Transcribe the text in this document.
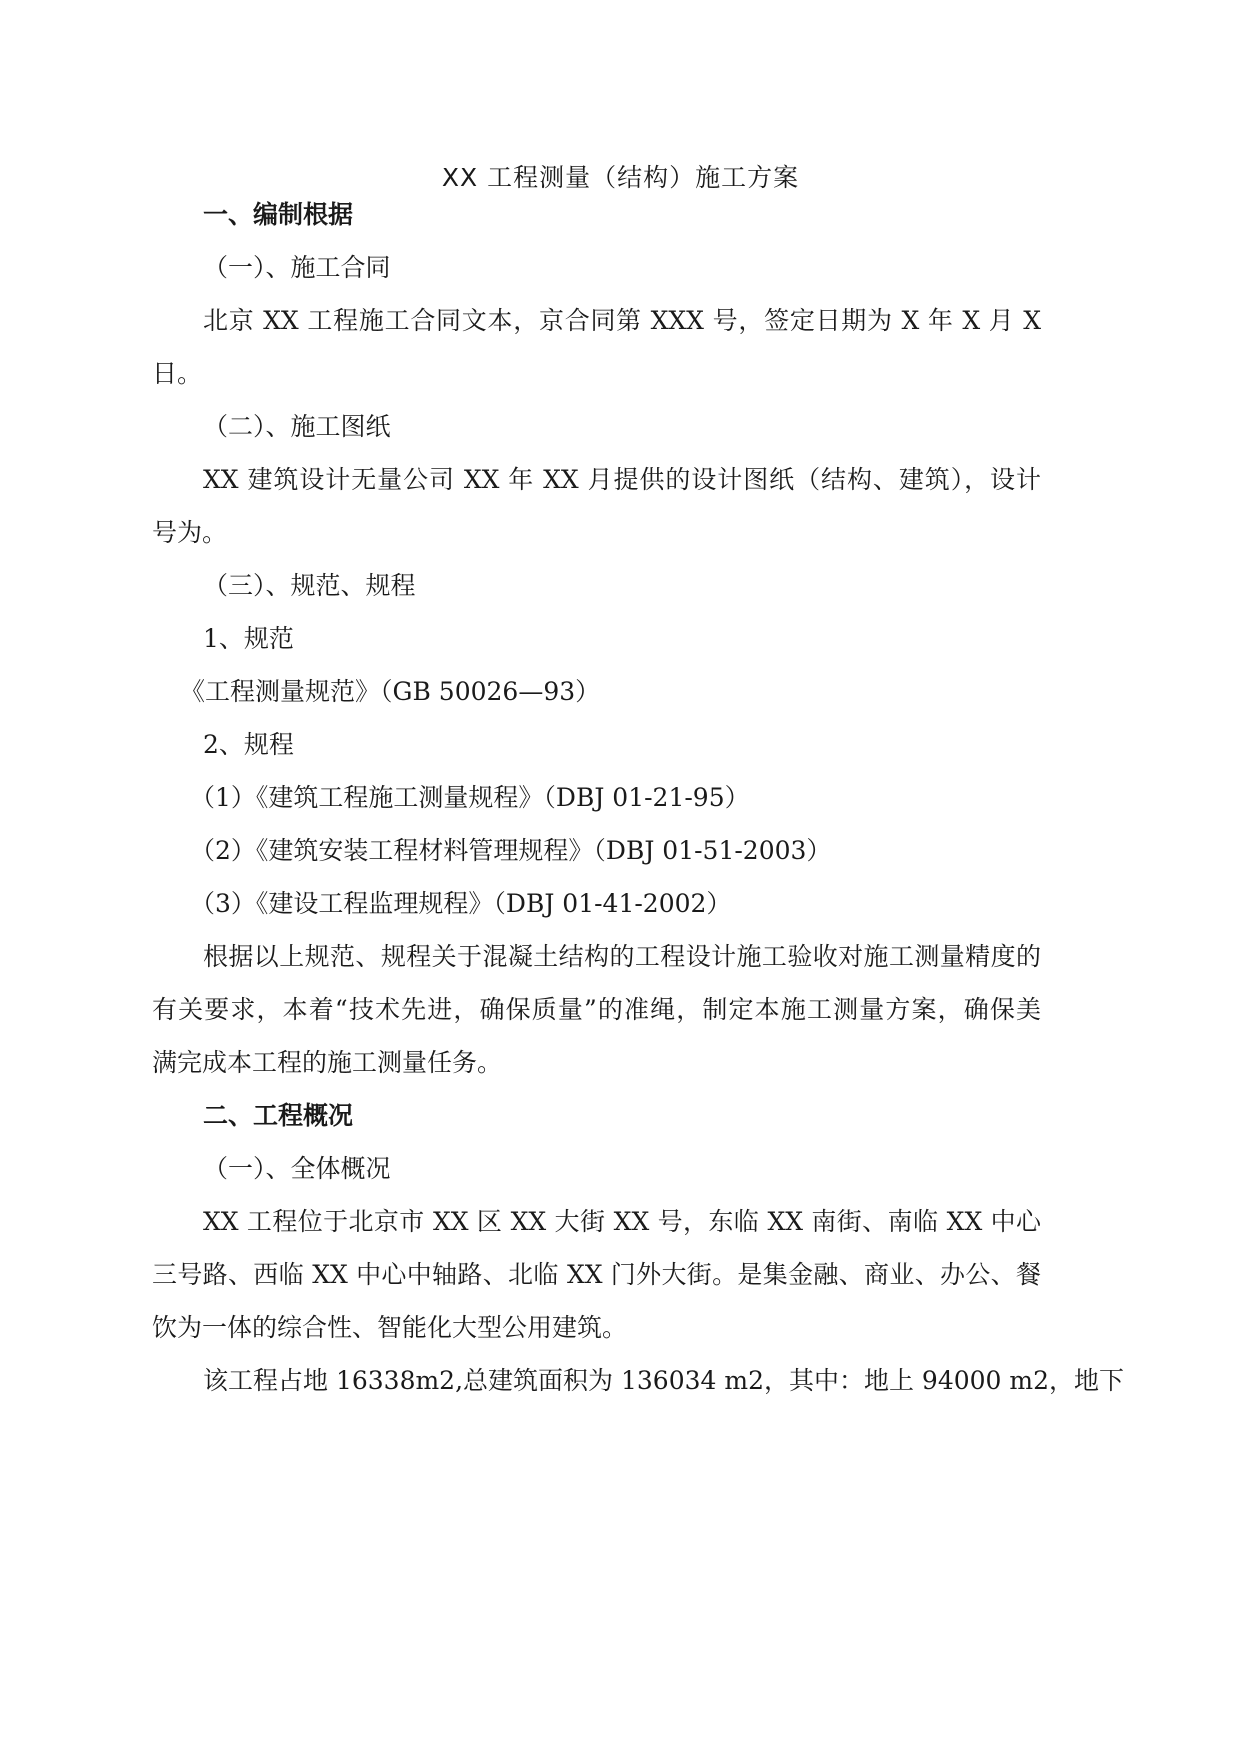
XX 工程测量（结构）施工方案
一、编制根据
（一）、施工合同
北京 XX 工程施工合同文本，京合同第 XXX 号，签定日期为 X 年 X 月 X
日。
（二）、施工图纸
XX 建筑设计无量公司 XX 年 XX 月提供的设计图纸（结构、建筑），设计
号为。
（三）、规范、规程
1、规范
《工程测量规范》（GB 50026—93）
2、规程
（1）《建筑工程施工测量规程》（DBJ 01-21-95）
（2）《建筑安装工程材料管理规程》（DBJ 01-51-2003）
（3）《建设工程监理规程》（DBJ 01-41-2002）
根据以上规范、规程关于混凝土结构的工程设计施工验收对施工测量精度的
有关要求，本着“技术先进，确保质量”的准绳，制定本施工测量方案，确保美
满完成本工程的施工测量任务。
二、工程概况
（一）、全体概况
XX 工程位于北京市 XX 区 XX 大街 XX 号，东临 XX 南街、南临 XX 中心
三号路、西临 XX 中心中轴路、北临 XX 门外大街。是集金融、商业、办公、餐
饮为一体的综合性、智能化大型公用建筑。
该工程占地 16338m2,总建筑面积为 136034 m2，其中：地上 94000 m2，地下
